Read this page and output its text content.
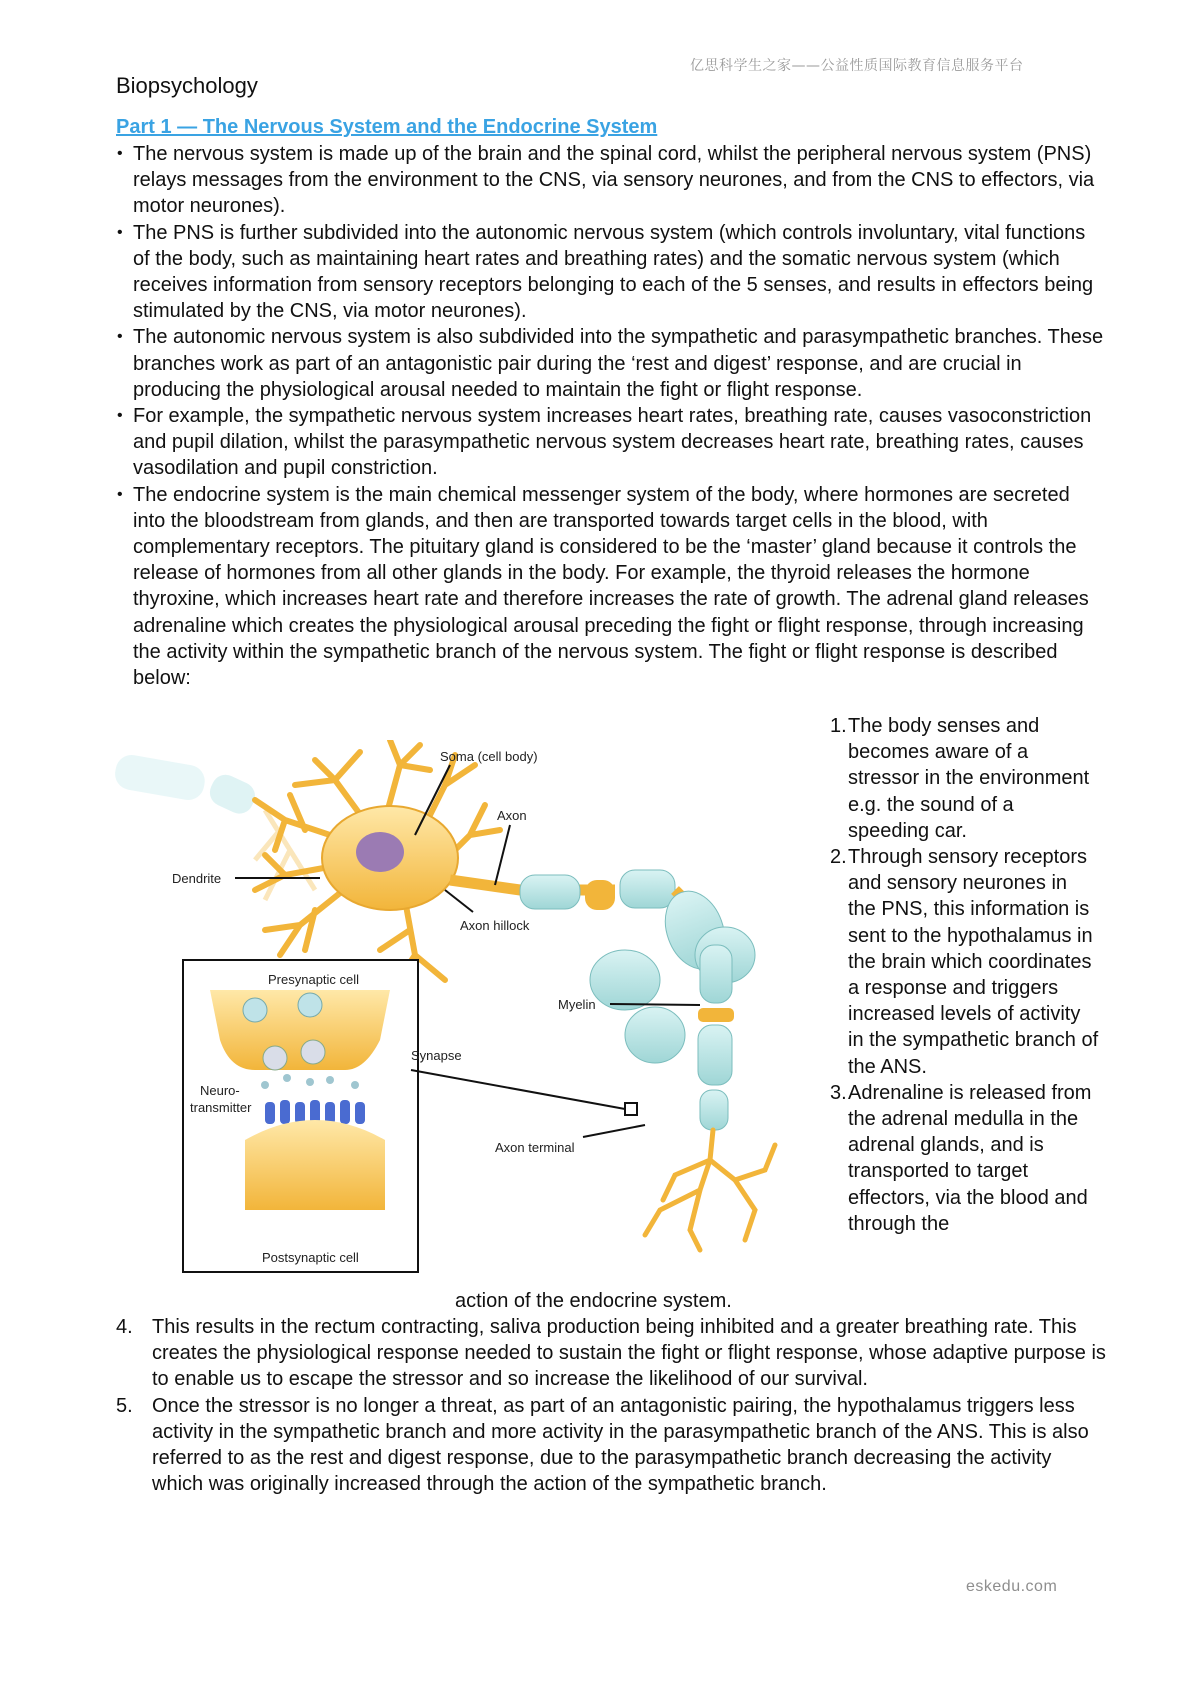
亿思科学生之家——公益性质国际教育信息服务平台
Biopsychology
Part 1 — The Nervous System and the Endocrine System
• The nervous system is made up of the brain and the spinal cord, whilst the peripheral nervous system (PNS) relays messages from the environment to the CNS, via sensory neurones, and from the CNS to effectors, via motor neurones).
• The PNS is further subdivided into the autonomic nervous system (which controls involuntary, vital functions of the body, such as maintaining heart rates and breathing rates) and the somatic nervous system (which receives information from sensory receptors belonging to each of the 5 senses, and results in effectors being stimulated by the CNS, via motor neurones).
• The autonomic nervous system is also subdivided into the sympathetic and parasympathetic branches. These branches work as part of an antagonistic pair during the ‘rest and digest’ response, and are crucial in producing the physiological arousal needed to maintain the fight or flight response.
• For example, the sympathetic nervous system increases heart rates, breathing rate, causes vasoconstriction and pupil dilation, whilst the parasympathetic nervous system decreases heart rate, breathing rates, causes vasodilation and pupil constriction.
• The endocrine system is the main chemical messenger system of the body, where hormones are secreted into the bloodstream from glands, and then are transported towards target cells in the blood, with complementary receptors. The pituitary gland is considered to be the ‘master’ gland because it controls the release of hormones from all other glands in the body. For example, the thyroid releases the hormone thyroxine, which increases heart rate and therefore increases the rate of growth. The adrenal gland releases adrenaline which creates the physiological arousal preceding the fight or flight response, through increasing the activity within the sympathetic branch of the nervous system. The fight or flight response is described below:
Soma (cell body)
Axon
Dendrite
Axon hillock
Myelin
Synapse
Axon terminal
Presynaptic cell
Postsynaptic cell
Neuro-
transmitter
1. The body senses and becomes aware of a stressor in the environment e.g. the sound of a speeding car.
2. Through sensory receptors and sensory neurones in the PNS, this information is sent to the hypothalamus in the brain which coordinates a response and triggers increased levels of activity in the sympathetic branch of the ANS.
3. Adrenaline is released from the adrenal medulla in the adrenal glands, and is transported to target effectors, via the blood and through the
action of the endocrine system.
4. This results in the rectum contracting, saliva production being inhibited and a greater breathing rate. This creates the physiological response needed to sustain the fight or flight response, whose adaptive purpose is to enable us to escape the stressor and so increase the likelihood of our survival.
5. Once the stressor is no longer a threat, as part of an antagonistic pairing, the hypothalamus triggers less activity in the sympathetic branch and more activity in the parasympathetic branch of the ANS. This is also referred to as the rest and digest response, due to the parasympathetic branch decreasing the activity which was originally increased through the action of the sympathetic branch.
eskedu.com
